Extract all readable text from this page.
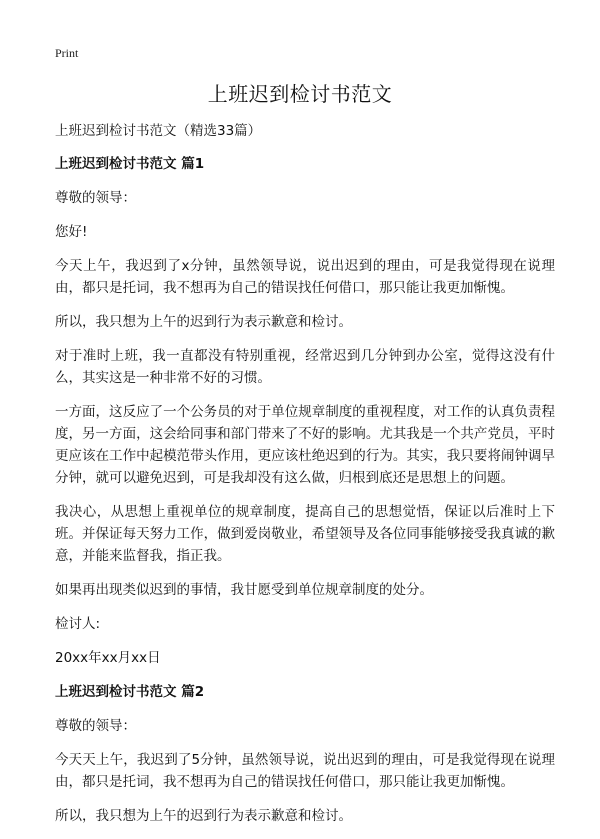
Print
上班迟到检讨书范文

上班迟到检讨书范文（精选33篇）

上班迟到检讨书范文 篇1

尊敬的领导：

您好!

今天上午，我迟到了x分钟，虽然领导说，说出迟到的理由，可是我觉得现在说理由，都只是托词，我不想再为自己的错误找任何借口，那只能让我更加惭愧。

所以，我只想为上午的迟到行为表示歉意和检讨。

对于准时上班，我一直都没有特别重视，经常迟到几分钟到办公室，觉得这没有什么，其实这是一种非常不好的习惯。

一方面，这反应了一个公务员的对于单位规章制度的重视程度，对工作的认真负责程度，另一方面，这会给同事和部门带来了不好的影响。尤其我是一个共产党员，平时更应该在工作中起模范带头作用，更应该杜绝迟到的行为。其实，我只要将闹钟调早分钟，就可以避免迟到，可是我却没有这么做，归根到底还是思想上的问题。

我决心，从思想上重视单位的规章制度，提高自己的思想觉悟，保证以后准时上下班。并保证每天努力工作，做到爱岗敬业，希望领导及各位同事能够接受我真诚的歉意，并能来监督我，指正我。

如果再出现类似迟到的事情，我甘愿受到单位规章制度的处分。

检讨人:

20xx年xx月xx日

上班迟到检讨书范文 篇2

尊敬的领导：

今天天上午，我迟到了5分钟，虽然领导说，说出迟到的理由，可是我觉得现在说理由，都只是托词，我不想再为自己的错误找任何借口，那只能让我更加惭愧。

所以，我只想为上午的迟到行为表示歉意和检讨。
